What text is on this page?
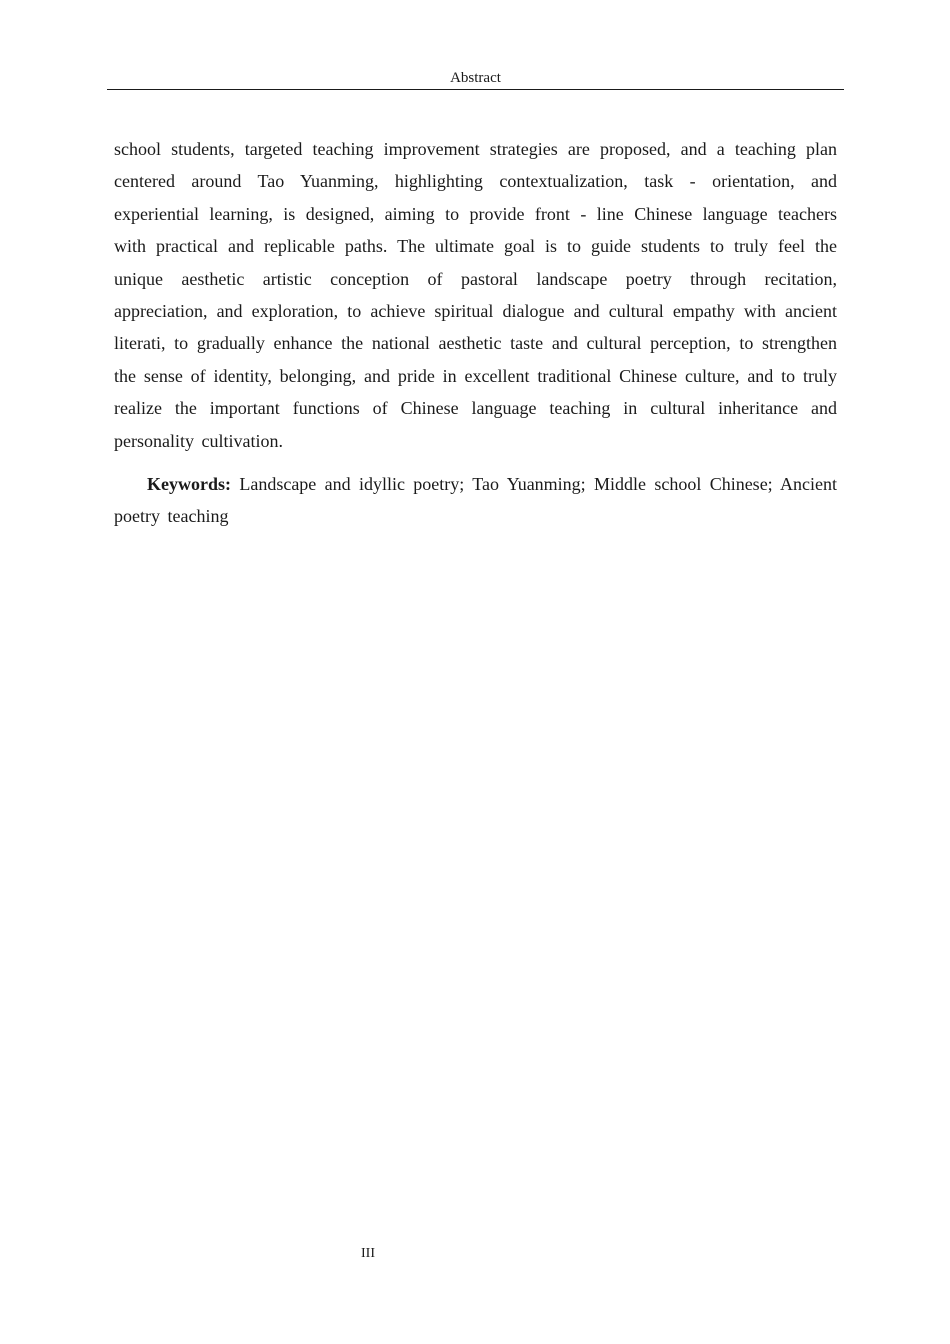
Abstract

school students, targeted teaching improvement strategies are proposed, and a teaching plan centered around Tao Yuanming, highlighting contextualization, task - orientation, and experiential learning, is designed, aiming to provide front - line Chinese language teachers with practical and replicable paths. The ultimate goal is to guide students to truly feel the unique aesthetic artistic conception of pastoral landscape poetry through recitation, appreciation, and exploration, to achieve spiritual dialogue and cultural empathy with ancient literati, to gradually enhance the national aesthetic taste and cultural perception, to strengthen the sense of identity, belonging, and pride in excellent traditional Chinese culture, and to truly realize the important functions of Chinese language teaching in cultural inheritance and personality cultivation.

Keywords: Landscape and idyllic poetry; Tao Yuanming; Middle school Chinese; Ancient poetry teaching

III
